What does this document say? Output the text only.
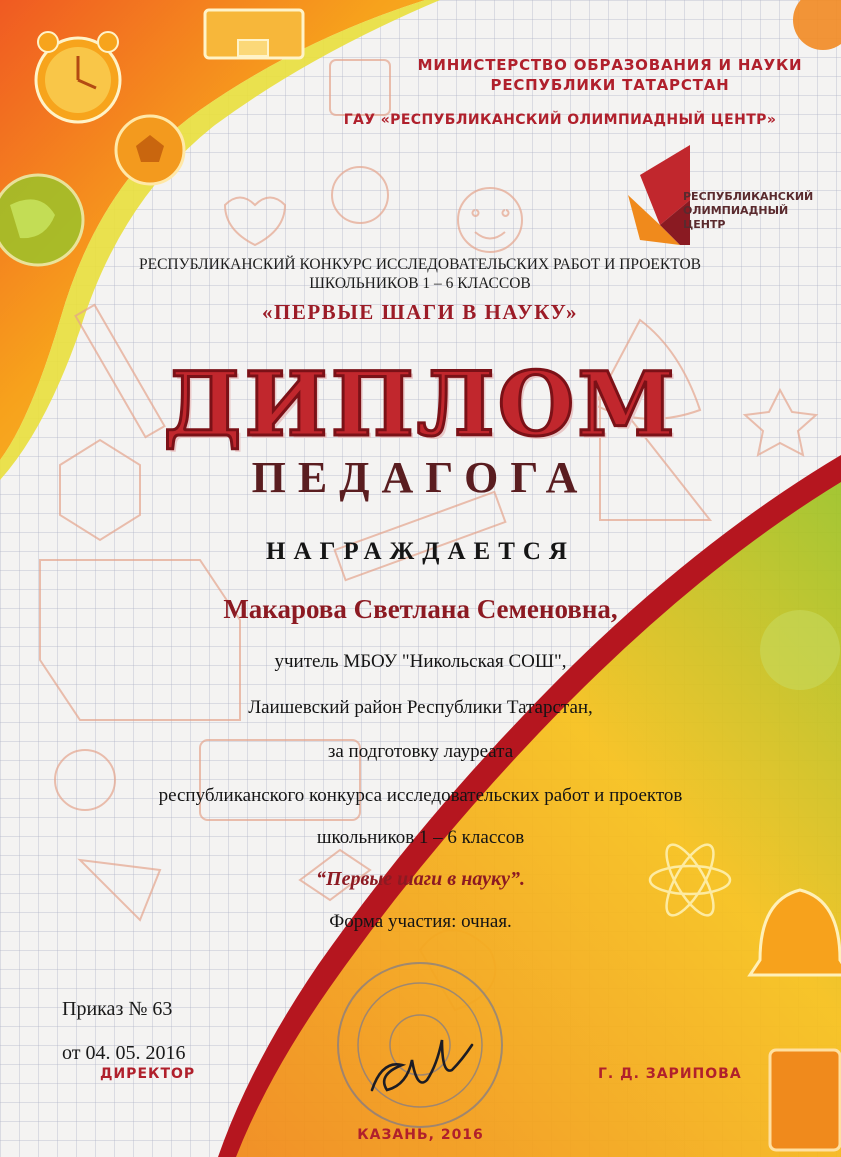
МИНИСТЕРСТВО ОБРАЗОВАНИЯ И НАУКИ
РЕСПУБЛИКИ ТАТАРСТАН
ГАУ «РЕСПУБЛИКАНСКИЙ ОЛИМПИАДНЫЙ ЦЕНТР»
РЕСПУБЛИКАНСКИЙ
ОЛИМПИАДНЫЙ
ЦЕНТР
РЕСПУБЛИКАНСКИЙ КОНКУРС ИССЛЕДОВАТЕЛЬСКИХ РАБОТ И ПРОЕКТОВ
ШКОЛЬНИКОВ 1 – 6 КЛАССОВ
«ПЕРВЫЕ ШАГИ В НАУКУ»
ДИПЛОМ
ПЕДАГОГА
НАГРАЖДАЕТСЯ
Макарова Светлана Семеновна,
учитель МБОУ "Никольская СОШ",
Лаишевский район Республики Татарстан,
за подготовку лауреата
республиканского конкурса исследовательских работ и проектов
школьников 1 – 6 классов
“Первые шаги в науку”.
Форма участия: очная.
Приказ № 63
от 04. 05. 2016
ДИРЕКТОР	Г. Д. ЗАРИПОВА
КАЗАНЬ, 2016
